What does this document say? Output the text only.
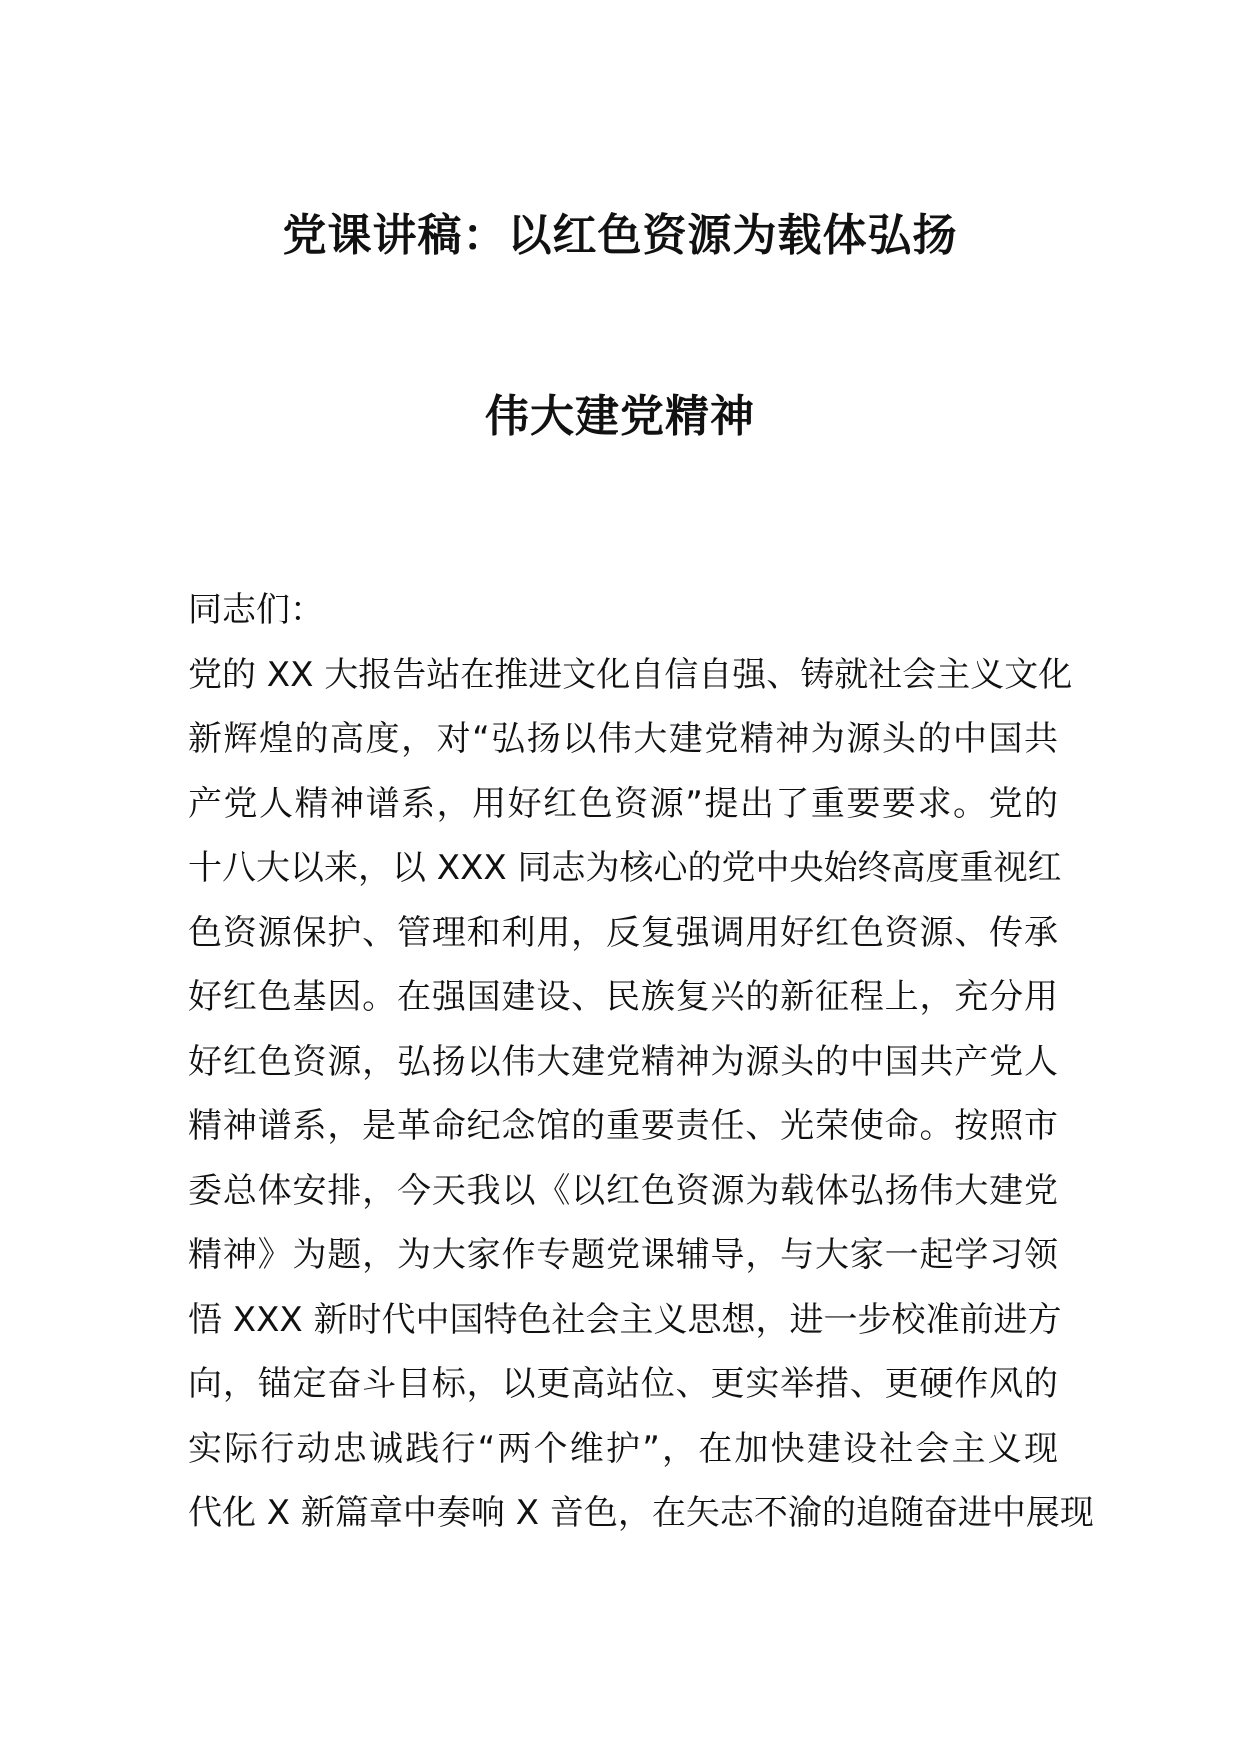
党课讲稿：以红色资源为载体弘扬
伟大建党精神

同志们：

党的 XX 大报告站在推进文化自信自强、铸就社会主义文化

新辉煌的高度，对“弘扬以伟大建党精神为源头的中国共

产党人精神谱系，用好红色资源”提出了重要要求。党的

十八大以来，以 XXX 同志为核心的党中央始终高度重视红

色资源保护、管理和利用，反复强调用好红色资源、传承

好红色基因。在强国建设、民族复兴的新征程上，充分用

好红色资源，弘扬以伟大建党精神为源头的中国共产党人

精神谱系，是革命纪念馆的重要责任、光荣使命。按照市

委总体安排，今天我以《以红色资源为载体弘扬伟大建党

精神》为题，为大家作专题党课辅导，与大家一起学习领

悟 XXX 新时代中国特色社会主义思想，进一步校准前进方

向，锚定奋斗目标，以更高站位、更实举措、更硬作风的

实际行动忠诚践行“两个维护”，在加快建设社会主义现

代化 X 新篇章中奏响 X 音色，在矢志不渝的追随奋进中展现
